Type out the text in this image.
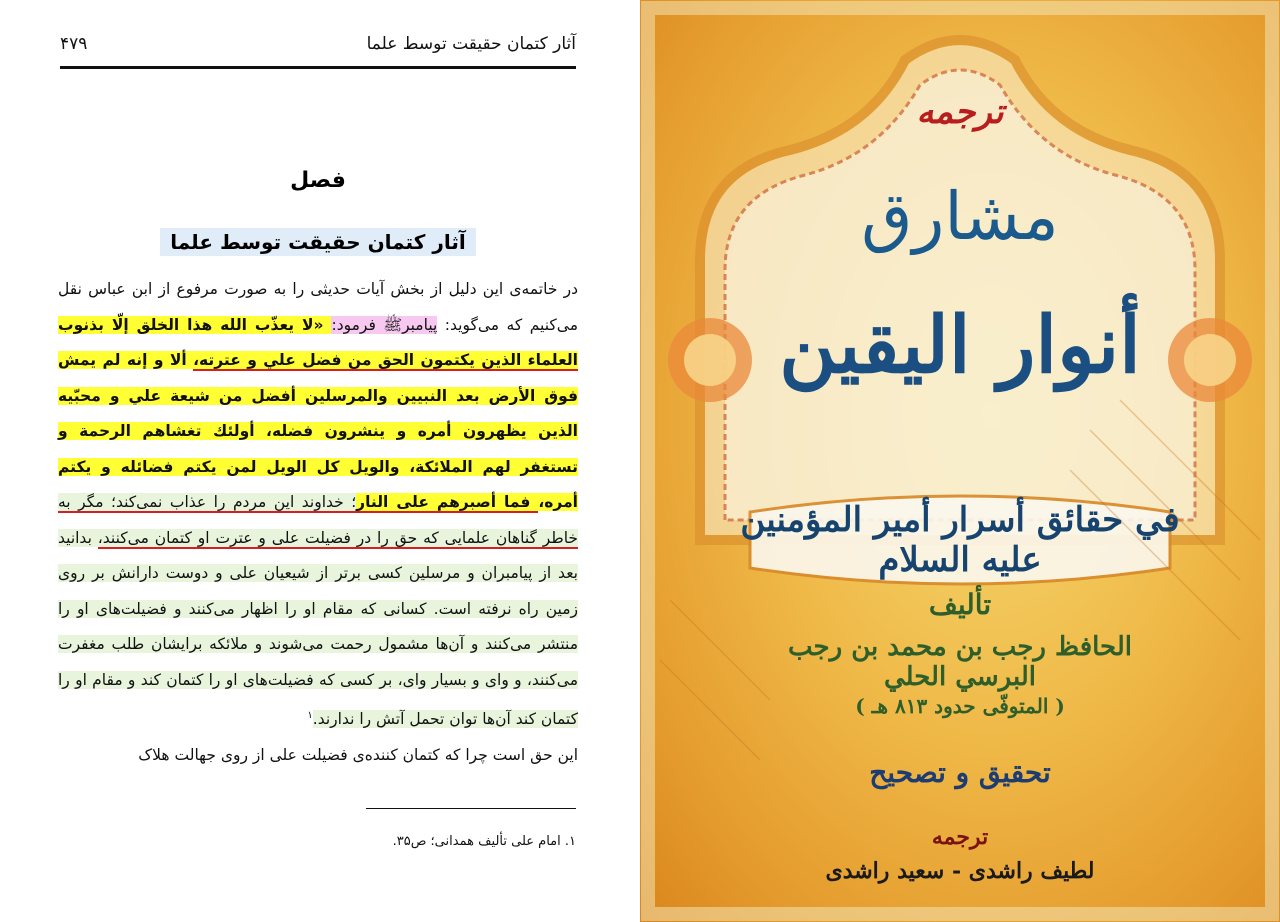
آثار کتمان حقیقت توسط علما
۴۷۹
فصل
آثار کتمان حقیقت توسط علما
در خاتمه‌ی این دلیل از بخش آیات حدیثی را به صورت مرفوع از ابن عباس نقل می‌کنیم که می‌گوید: پیامبرﷺ فرمود: «لا يعذّب الله هذا الخلق إلّا بذنوب العلماء الذين يكتمون الحق من فضل علي و عترته، ألا و إنه لم يمش فوق الأرض بعد النبيين والمرسلين أفضل من شيعة علي و محبّيه الذين يظهرون أمره و ينشرون فضله، أولئك تغشاهم الرحمة و تستغفر لهم الملائكة، والويل كل الويل لمن يكتم فضائله و يكتم أمره، فما أصبرهم على النار؛ خداوند این مردم را عذاب نمی‌کند؛ مگر به خاطر گناهان علمایی که حق را در فضیلت علی و عترت او کتمان می‌کنند، بدانید بعد از پیامبران و مرسلین کسی برتر از شیعیان علی و دوست دارانش بر روی زمین راه نرفته است. کسانی که مقام او را اظهار می‌کنند و فضیلت‌های او را منتشر می‌کنند و آن‌ها مشمول رحمت می‌شوند و ملائکه برایشان طلب مغفرت می‌کنند، و وای و بسیار وای، بر کسی که فضیلت‌های او را کتمان کند و مقام او را کتمان کند آن‌ها توان تحمل آتش را ندارند.$^۱$
این حق است چرا که کتمان کننده‌ی فضیلت علی از روی جهالت هلاک
۱. امام علی تألیف همدانی؛ ص۳۵.
ترجمه
مشارق
أنوار اليقين
في حقائق أسرار أمير المؤمنين عليه السلام
تأليف
الحافظ رجب بن محمد بن رجب البرسي الحلي
( المتوفّى حدود ٨١٣ هـ )
تحقيق و تصحيح
ترجمه
لطيف راشدی - سعيد راشدی
